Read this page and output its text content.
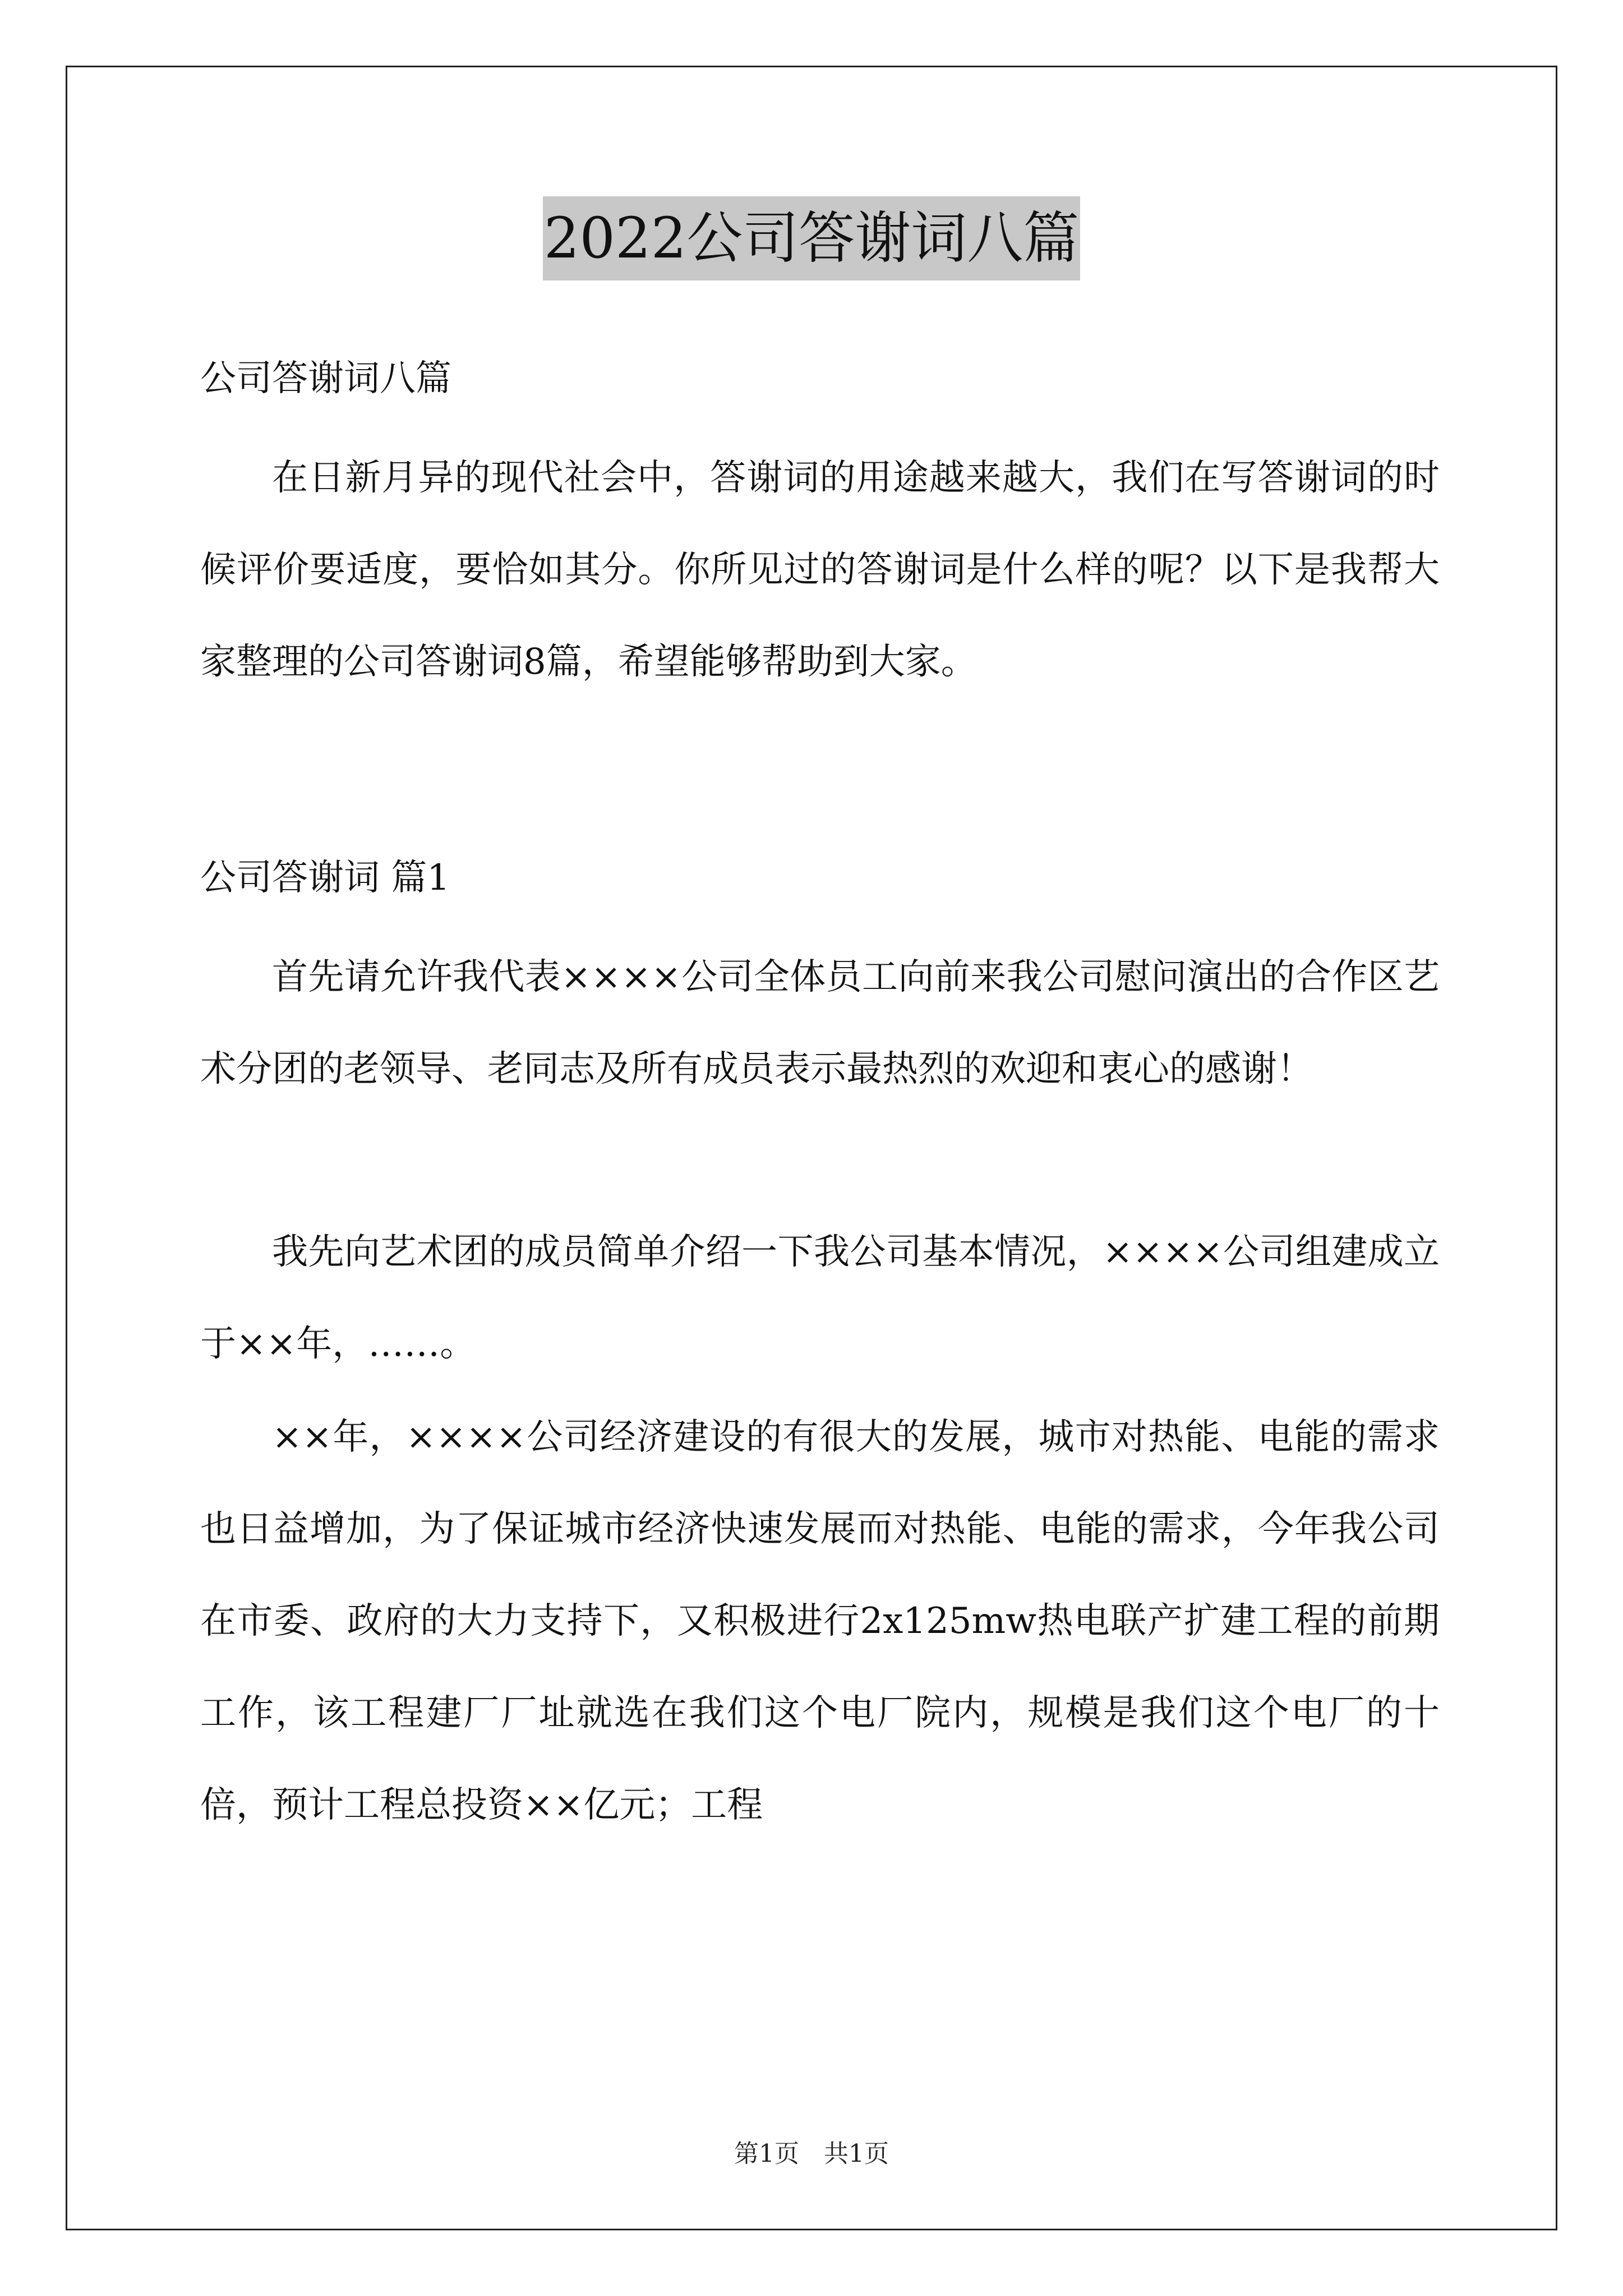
2022公司答谢词八篇

公司答谢词八篇

在日新月异的现代社会中，答谢词的用途越来越大，我们在写答谢词的时候评价要适度，要恰如其分。你所见过的答谢词是什么样的呢？以下是我帮大家整理的公司答谢词8篇，希望能够帮助到大家。

公司答谢词 篇1

首先请允许我代表××××公司全体员工向前来我公司慰问演出的合作区艺术分团的老领导、老同志及所有成员表示最热烈的欢迎和衷心的感谢！

我先向艺术团的成员简单介绍一下我公司基本情况，××××公司组建成立于××年，……。

××年，××××公司经济建设的有很大的发展，城市对热能、电能的需求也日益增加，为了保证城市经济快速发展而对热能、电能的需求，今年我公司在市委、政府的大力支持下，又积极进行2x125mw热电联产扩建工程的前期工作，该工程建厂厂址就选在我们这个电厂院内，规模是我们这个电厂的十倍，预计工程总投资××亿元；工程

第1页　共1页
